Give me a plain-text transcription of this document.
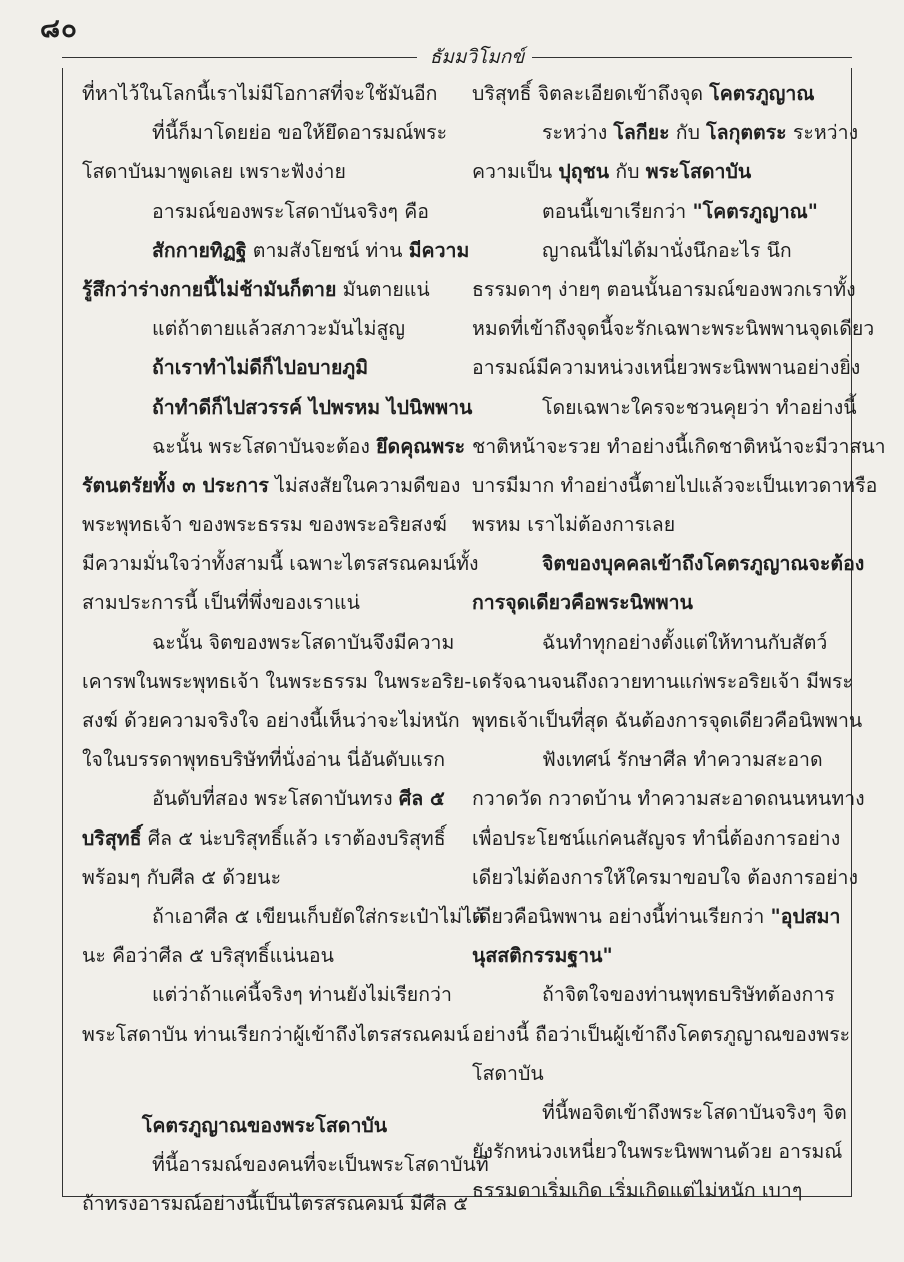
๘๐
ธัมมวิโมกข์
ที่หาไว้ในโลกนี้เราไม่มีโอกาสที่จะใช้มันอีก
ที่นี้ก็มาโดยย่อ ขอให้ยึดอารมณ์พระ
โสดาบันมาพูดเลย เพราะฟังง่าย
อารมณ์ของพระโสดาบันจริงๆ คือ
สักกายทิฏฐิ ตามสังโยชน์ ท่าน มีความ
รู้สึกว่าร่างกายนี้ไม่ช้ามันก็ตาย มันตายแน่
แต่ถ้าตายแล้วสภาวะมันไม่สูญ
ถ้าเราทำไม่ดีก็ไปอบายภูมิ
ถ้าทำดีก็ไปสวรรค์ ไปพรหม ไปนิพพาน
ฉะนั้น พระโสดาบันจะต้อง ยึดคุณพระ
รัตนตรัยทั้ง ๓ ประการ ไม่สงสัยในความดีของ
พระพุทธเจ้า ของพระธรรม ของพระอริยสงฆ์
มีความมั่นใจว่าทั้งสามนี้ เฉพาะไตรสรณคมน์ทั้ง
สามประการนี้ เป็นที่พึ่งของเราแน่
ฉะนั้น จิตของพระโสดาบันจึงมีความ
เคารพในพระพุทธเจ้า ในพระธรรม ในพระอริย-
สงฆ์ ด้วยความจริงใจ อย่างนี้เห็นว่าจะไม่หนัก
ใจในบรรดาพุทธบริษัทที่นั่งอ่าน นี่อันดับแรก
อันดับที่สอง พระโสดาบันทรง ศีล ๕
บริสุทธิ์ ศีล ๕ น่ะบริสุทธิ์แล้ว เราต้องบริสุทธิ์
พร้อมๆ กับศีล ๕ ด้วยนะ
ถ้าเอาศีล ๕ เขียนเก็บยัดใส่กระเป๋าไม่ได้
นะ คือว่าศีล ๕ บริสุทธิ์แน่นอน
แต่ว่าถ้าแค่นี้จริงๆ ท่านยังไม่เรียกว่า
พระโสดาบัน ท่านเรียกว่าผู้เข้าถึงไตรสรณคมน์
โคตรภูญาณของพระโสดาบัน
ที่นี้อารมณ์ของคนที่จะเป็นพระโสดาบันที่
ถ้าทรงอารมณ์อย่างนี้เป็นไตรสรณคมน์ มีศีล ๕
บริสุทธิ์ จิตละเอียดเข้าถึงจุด โคตรภูญาณ
ระหว่าง โลกียะ กับ โลกุตตระ ระหว่าง
ความเป็น ปุถุชน กับ พระโสดาบัน
ตอนนี้เขาเรียกว่า "โคตรภูญาณ"
ญาณนี้ไม่ได้มานั่งนึกอะไร นึก
ธรรมดาๆ ง่ายๆ ตอนนั้นอารมณ์ของพวกเราทั้ง
หมดที่เข้าถึงจุดนี้จะรักเฉพาะพระนิพพานจุดเดียว
อารมณ์มีความหน่วงเหนี่ยวพระนิพพานอย่างยิ่ง
โดยเฉพาะใครจะชวนคุยว่า ทำอย่างนี้
ชาติหน้าจะรวย ทำอย่างนี้เกิดชาติหน้าจะมีวาสนา
บารมีมาก ทำอย่างนี้ตายไปแล้วจะเป็นเทวดาหรือ
พรหม เราไม่ต้องการเลย
จิตของบุคคลเข้าถึงโคตรภูญาณจะต้อง
การจุดเดียวคือพระนิพพาน
ฉันทำทุกอย่างตั้งแต่ให้ทานกับสัตว์
เดรัจฉานจนถึงถวายทานแก่พระอริยเจ้า มีพระ
พุทธเจ้าเป็นที่สุด ฉันต้องการจุดเดียวคือนิพพาน
ฟังเทศน์ รักษาศีล ทำความสะอาด
กวาดวัด กวาดบ้าน ทำความสะอาดถนนหนทาง
เพื่อประโยชน์แก่คนสัญจร ทำนี่ต้องการอย่าง
เดียวไม่ต้องการให้ใครมาขอบใจ ต้องการอย่าง
เดียวคือนิพพาน อย่างนี้ท่านเรียกว่า "อุปสมา
นุสสติกรรมฐาน"
ถ้าจิตใจของท่านพุทธบริษัทต้องการ
อย่างนี้ ถือว่าเป็นผู้เข้าถึงโคตรภูญาณของพระ
โสดาบัน
ที่นี้พอจิตเข้าถึงพระโสดาบันจริงๆ จิต
ยังรักหน่วงเหนี่ยวในพระนิพพานด้วย อารมณ์
ธรรมดาเริ่มเกิด เริ่มเกิดแต่ไม่หนัก เบาๆ
